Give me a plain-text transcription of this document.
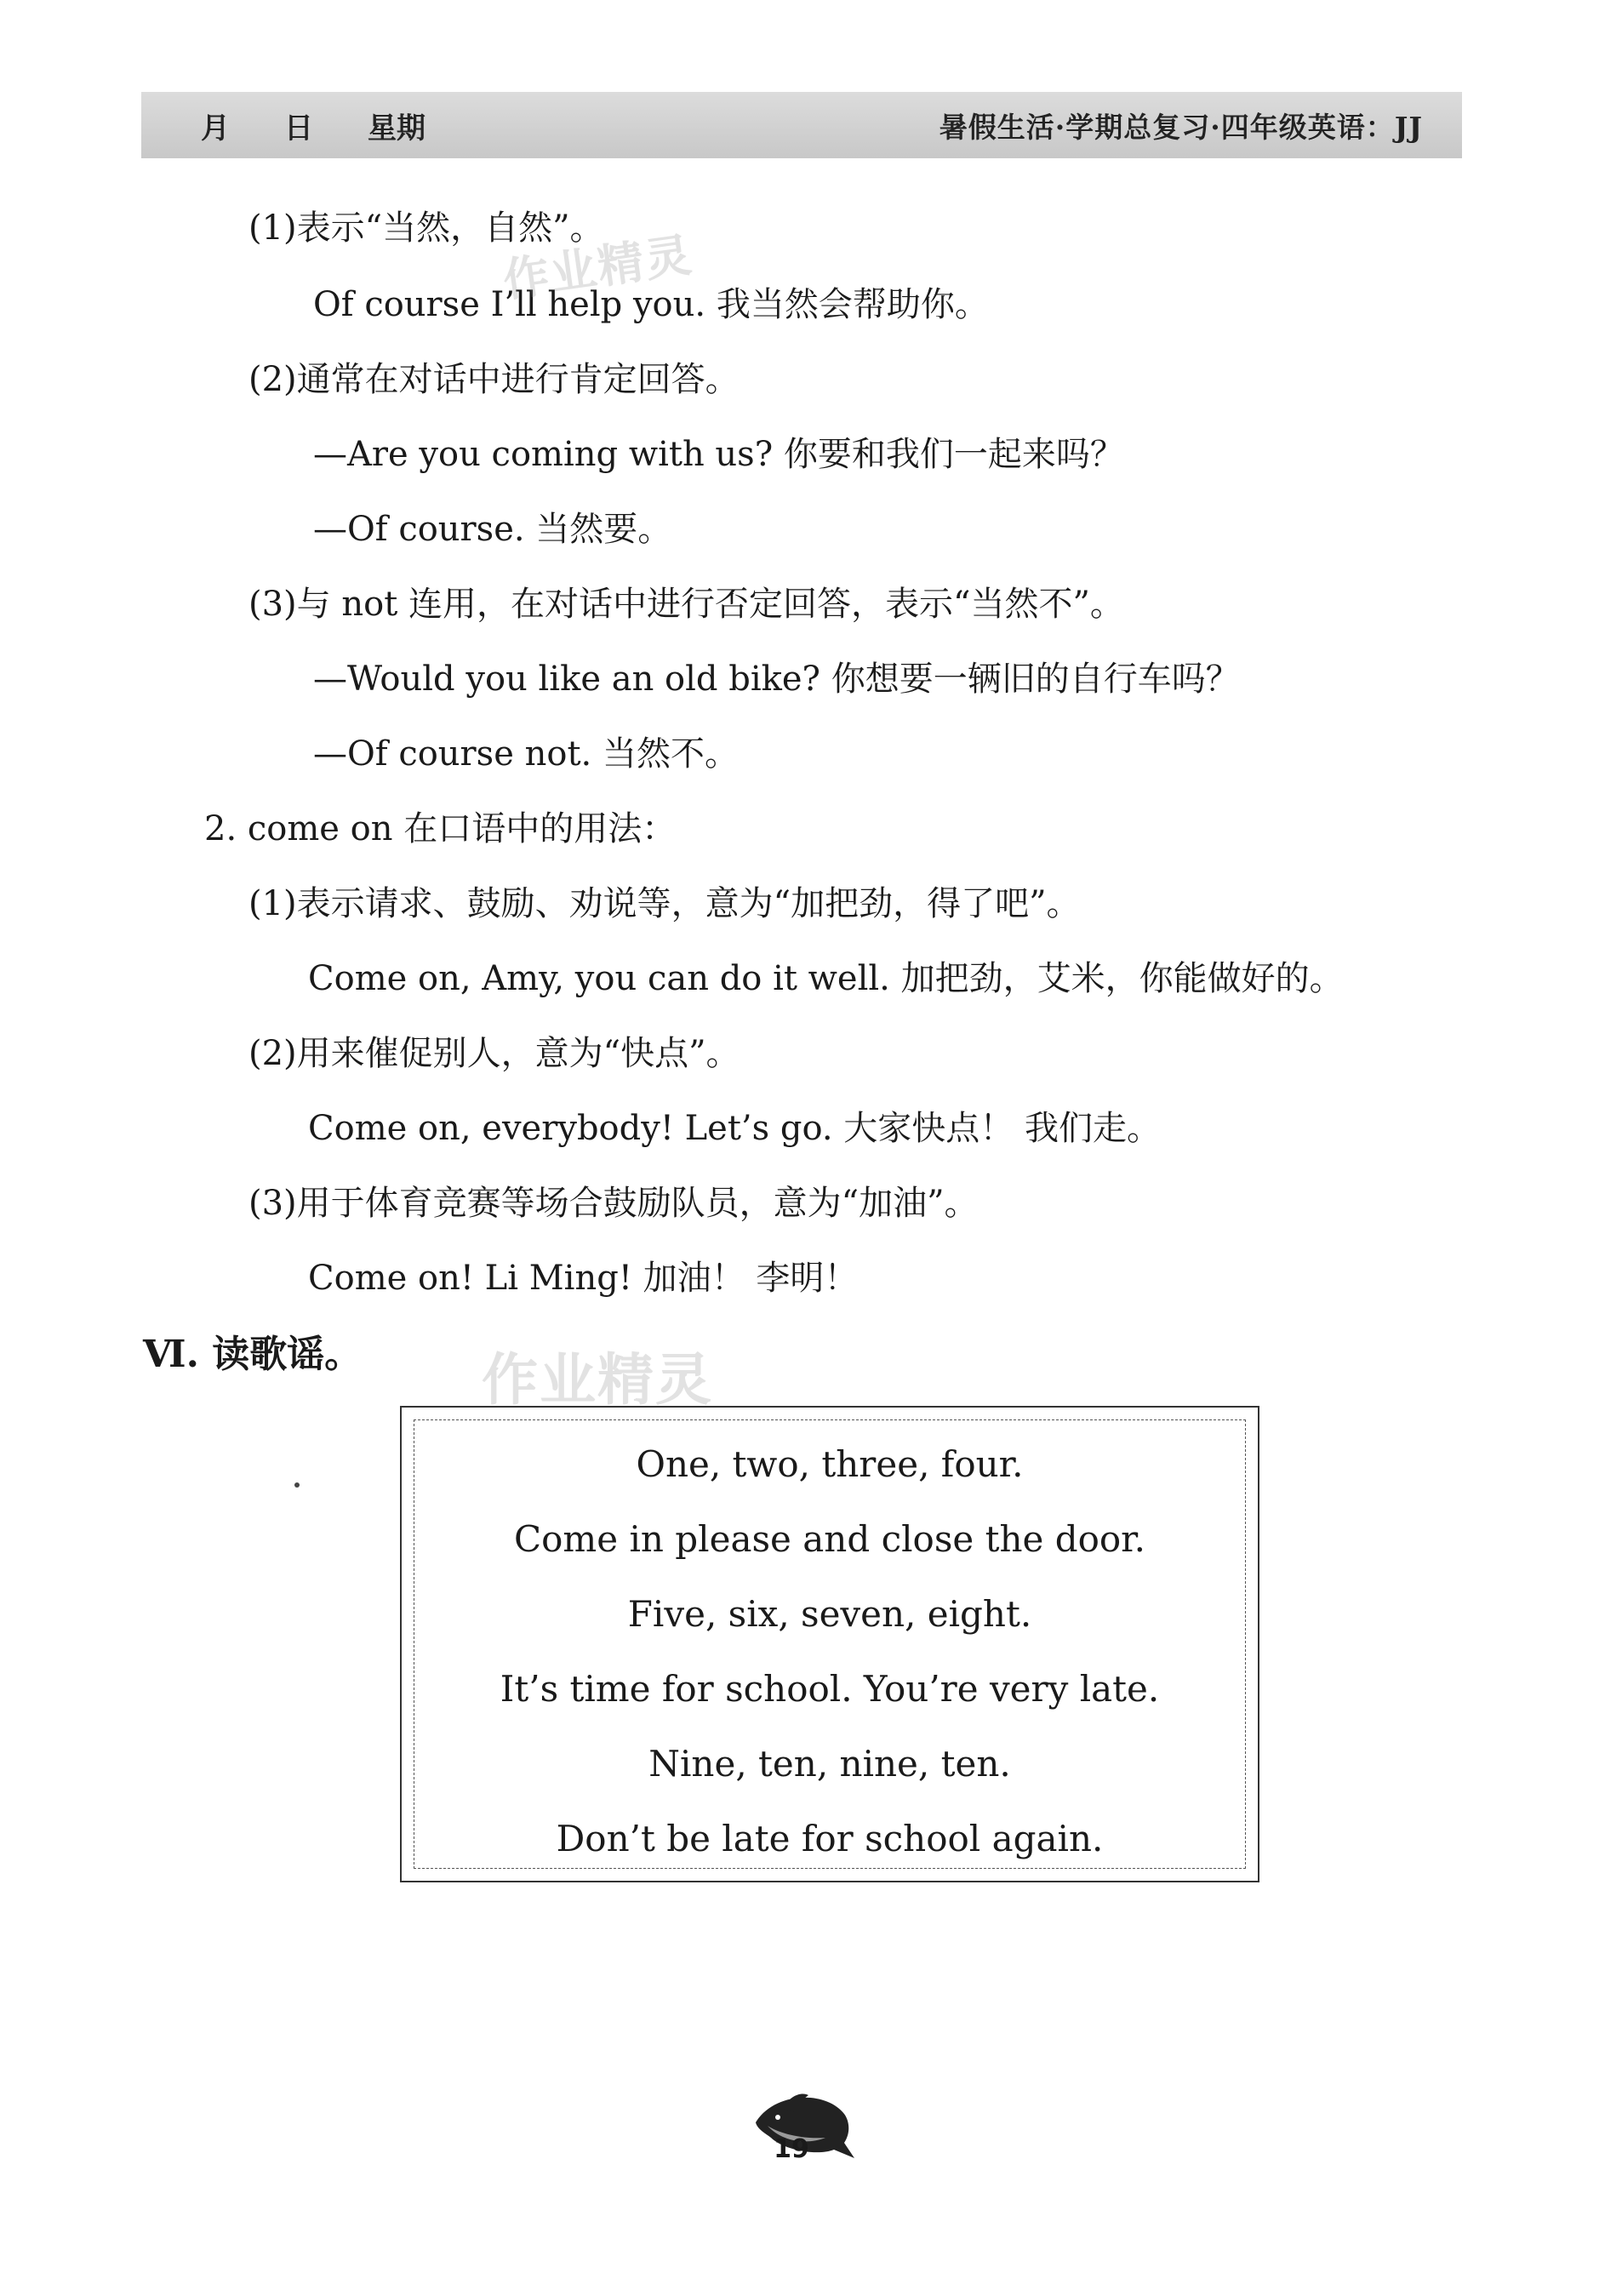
月 日 星期	暑假生活·学期总复习·四年级英语：JJ
(1)表示“当然，自然”。
Of course I’ll help you. 我当然会帮助你。
(2)通常在对话中进行肯定回答。
—Are you coming with us? 你要和我们一起来吗？
—Of course. 当然要。
(3)与 not 连用，在对话中进行否定回答，表示“当然不”。
—Would you like an old bike? 你想要一辆旧的自行车吗？
—Of course not. 当然不。
2. come on 在口语中的用法：
(1)表示请求、鼓励、劝说等，意为“加把劲，得了吧”。
Come on, Amy, you can do it well. 加把劲，艾米，你能做好的。
(2)用来催促别人，意为“快点”。
Come on, everybody! Let’s go. 大家快点！ 我们走。
(3)用于体育竞赛等场合鼓励队员，意为“加油”。
Come on! Li Ming! 加油！ 李明！
作业精灵
作业精灵
Ⅵ. 读歌谣。
One, two, three, four.
Come in please and close the door.
Five, six, seven, eight.
It’s time for school. You’re very late.
Nine, ten, nine, ten.
Don’t be late for school again.
19
